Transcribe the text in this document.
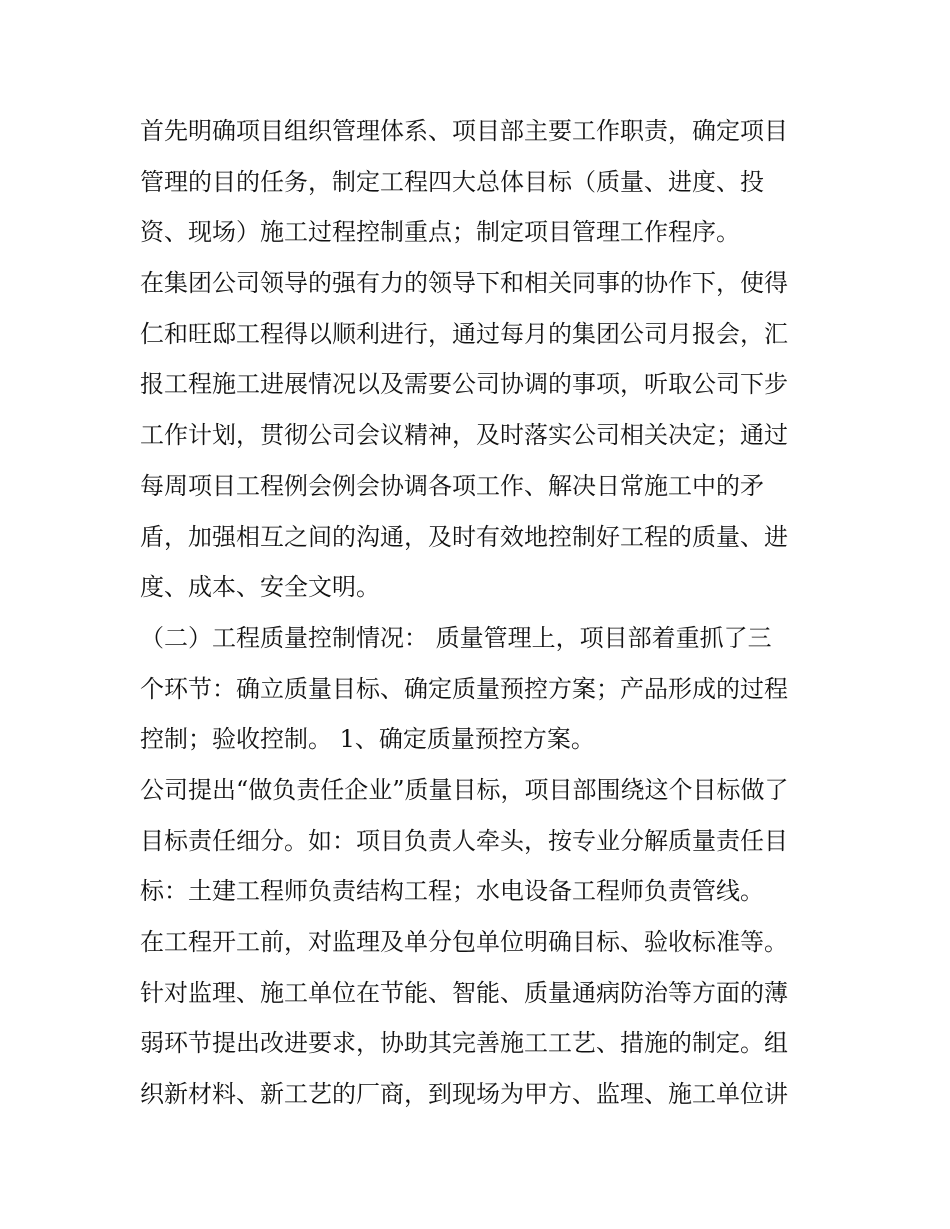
首先明确项目组织管理体系、项目部主要工作职责，确定项目
管理的目的任务，制定工程四大总体目标（质量、进度、投
资、现场）施工过程控制重点；制定项目管理工作程序。
在集团公司领导的强有力的领导下和相关同事的协作下，使得
仁和旺邸工程得以顺利进行，通过每月的集团公司月报会，汇
报工程施工进展情况以及需要公司协调的事项，听取公司下步
工作计划，贯彻公司会议精神，及时落实公司相关决定；通过
每周项目工程例会例会协调各项工作、解决日常施工中的矛
盾，加强相互之间的沟通，及时有效地控制好工程的质量、进
度、成本、安全文明。
（二）工程质量控制情况： 质量管理上，项目部着重抓了三
个环节：确立质量目标、确定质量预控方案；产品形成的过程
控制；验收控制。 1、确定质量预控方案。
公司提出“做负责任企业”质量目标，项目部围绕这个目标做了
目标责任细分。如：项目负责人牵头，按专业分解质量责任目
标：土建工程师负责结构工程；水电设备工程师负责管线。
在工程开工前，对监理及单分包单位明确目标、验收标准等。
针对监理、施工单位在节能、智能、质量通病防治等方面的薄
弱环节提出改进要求，协助其完善施工工艺、措施的制定。组
织新材料、新工艺的厂商，到现场为甲方、监理、施工单位讲
